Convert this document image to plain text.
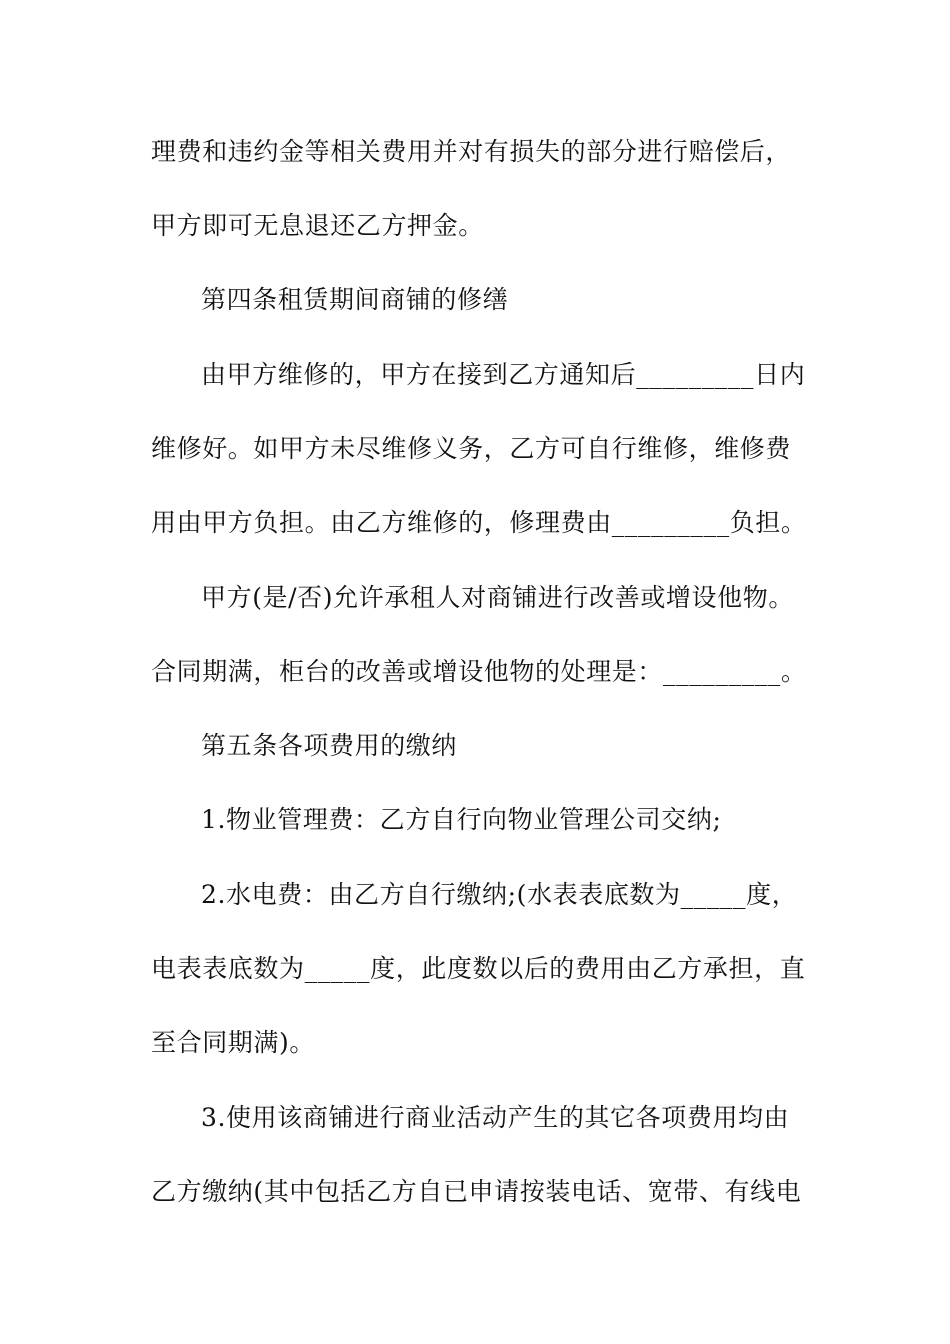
理费和违约金等相关费用并对有损失的部分进行赔偿后，
甲方即可无息退还乙方押金。
第四条租赁期间商铺的修缮
由甲方维修的，甲方在接到乙方通知后_________日内
维修好。如甲方未尽维修义务，乙方可自行维修，维修费
用由甲方负担。由乙方维修的，修理费由_________负担。
甲方(是/否)允许承租人对商铺进行改善或增设他物。
合同期满，柜台的改善或增设他物的处理是：_________。
第五条各项费用的缴纳
1.物业管理费：乙方自行向物业管理公司交纳;
2.水电费：由乙方自行缴纳;(水表表底数为_____度，
电表表底数为_____度，此度数以后的费用由乙方承担，直
至合同期满)。
3.使用该商铺进行商业活动产生的其它各项费用均由
乙方缴纳(其中包括乙方自已申请按装电话、宽带、有线电
